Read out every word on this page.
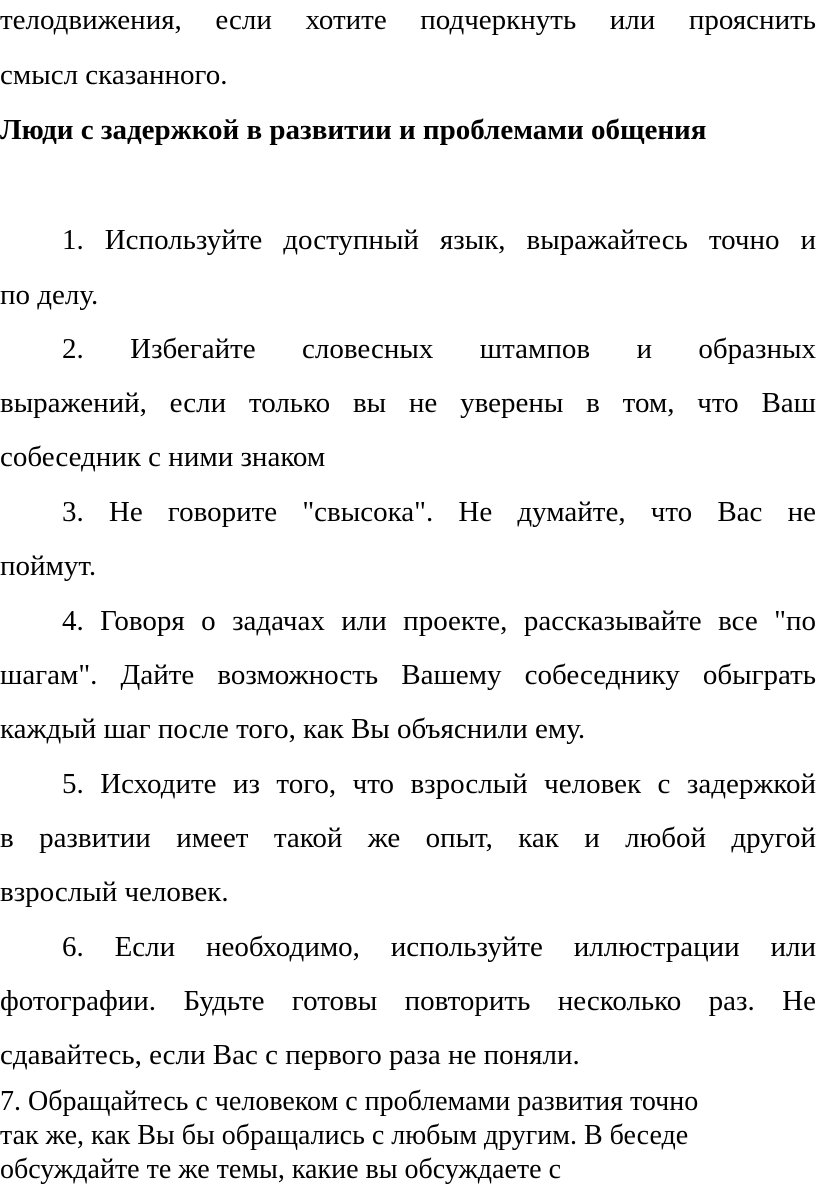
телодвижения, если хотите подчеркнуть или прояснить
смысл сказанного.
Люди с задержкой в развитии и проблемами общения
1. Используйте доступный язык, выражайтесь точно и
по делу.
2. Избегайте словесных штампов и образных
выражений, если только вы не уверены в том, что Ваш
собеседник с ними знаком
3. Не говорите "свысока". Не думайте, что Вас не
поймут.
4. Говоря о задачах или проекте, рассказывайте все "по
шагам". Дайте возможность Вашему собеседнику обыграть
каждый шаг после того, как Вы объяснили ему.
5. Исходите из того, что взрослый человек с задержкой
в развитии имеет такой же опыт, как и любой другой
взрослый человек.
6. Если необходимо, используйте иллюстрации или
фотографии. Будьте готовы повторить несколько раз. Не
сдавайтесь, если Вас с первого раза не поняли.
7. Обращайтесь с человеком с проблемами развития точно
так же, как Вы бы обращались с любым другим. В беседе
обсуждайте те же темы, какие вы обсуждаете с
